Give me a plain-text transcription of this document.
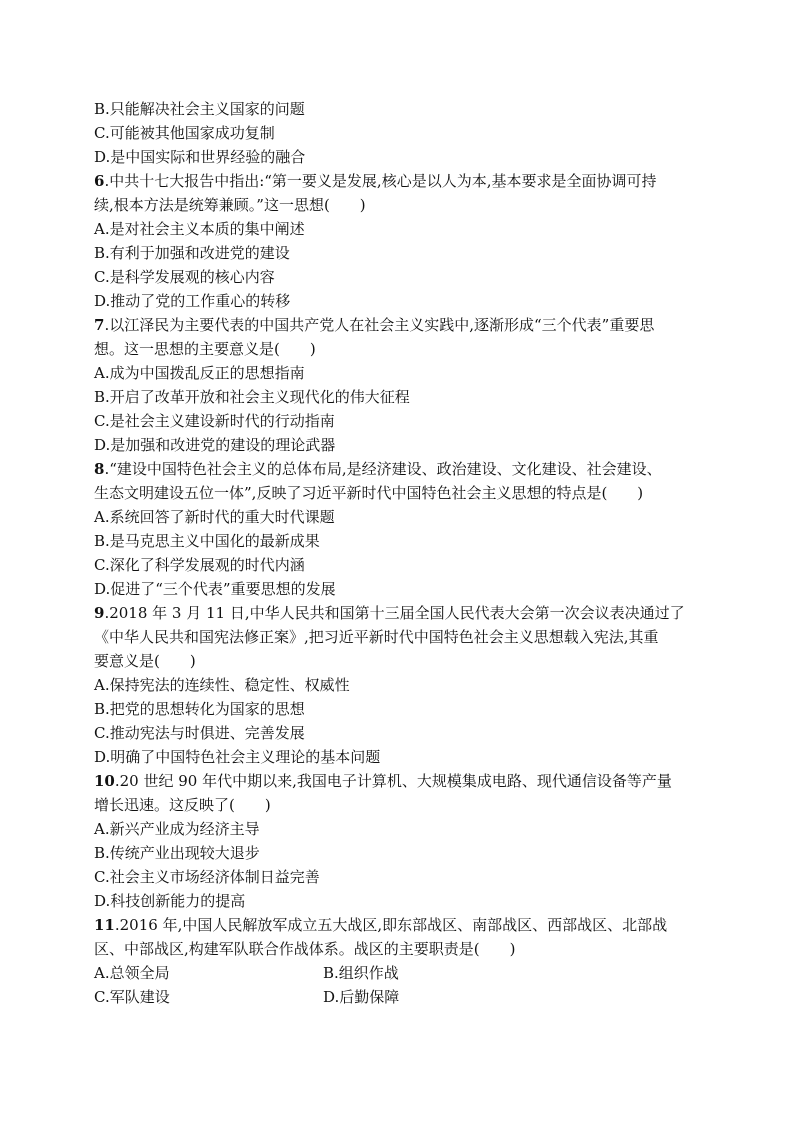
B.只能解决社会主义国家的问题
C.可能被其他国家成功复制
D.是中国实际和世界经验的融合
6.中共十七大报告中指出:“第一要义是发展,核心是以人为本,基本要求是全面协调可持
续,根本方法是统筹兼顾。”这一思想(　　)
A.是对社会主义本质的集中阐述
B.有利于加强和改进党的建设
C.是科学发展观的核心内容
D.推动了党的工作重心的转移
7.以江泽民为主要代表的中国共产党人在社会主义实践中,逐渐形成“三个代表”重要思
想。这一思想的主要意义是(　　)
A.成为中国拨乱反正的思想指南
B.开启了改革开放和社会主义现代化的伟大征程
C.是社会主义建设新时代的行动指南
D.是加强和改进党的建设的理论武器
8.“建设中国特色社会主义的总体布局,是经济建设、政治建设、文化建设、社会建设、
生态文明建设五位一体”,反映了习近平新时代中国特色社会主义思想的特点是(　　)
A.系统回答了新时代的重大时代课题
B.是马克思主义中国化的最新成果
C.深化了科学发展观的时代内涵
D.促进了“三个代表”重要思想的发展
9.2018 年 3 月 11 日,中华人民共和国第十三届全国人民代表大会第一次会议表决通过了
《中华人民共和国宪法修正案》,把习近平新时代中国特色社会主义思想载入宪法,其重
要意义是(　　)
A.保持宪法的连续性、稳定性、权威性
B.把党的思想转化为国家的思想
C.推动宪法与时俱进、完善发展
D.明确了中国特色社会主义理论的基本问题
10.20 世纪 90 年代中期以来,我国电子计算机、大规模集成电路、现代通信设备等产量
增长迅速。这反映了(　　)
A.新兴产业成为经济主导
B.传统产业出现较大退步
C.社会主义市场经济体制日益完善
D.科技创新能力的提高
11.2016 年,中国人民解放军成立五大战区,即东部战区、南部战区、西部战区、北部战
区、中部战区,构建军队联合作战体系。战区的主要职责是(　　)
A.总领全局	B.组织作战
C.军队建设	D.后勤保障
